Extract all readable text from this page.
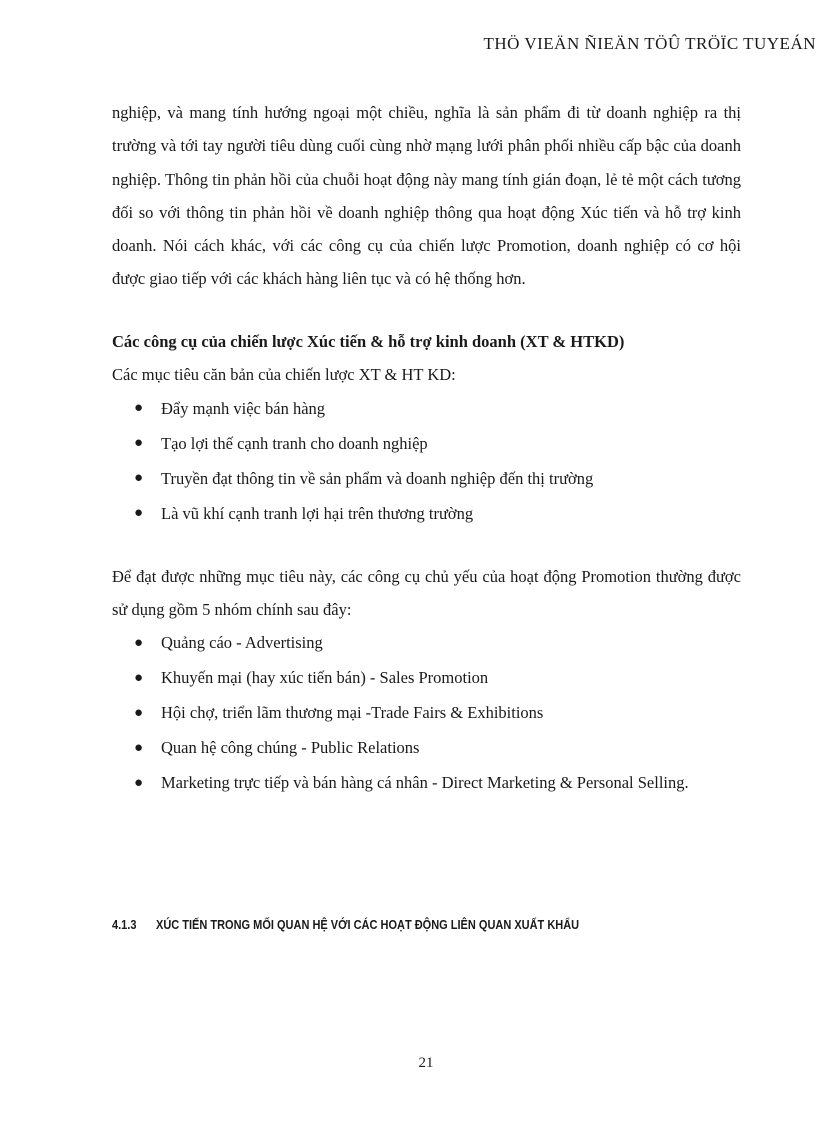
THÖ VIEÄN ÑIEÄN TÖÛ TRÖÏC TUYEÁN

nghiệp, và mang tính hướng ngoại một chiều, nghĩa là sản phẩm đi từ doanh nghiệp ra thị trường và tới tay người tiêu dùng cuối cùng nhờ mạng lưới phân phối nhiều cấp bậc của doanh nghiệp. Thông tin phản hồi của chuỗi hoạt động này mang tính gián đoạn, lẻ tẻ một cách tương đối so với thông tin phản hồi về doanh nghiệp thông qua hoạt động Xúc tiến và hỗ trợ kinh doanh. Nói cách khác, với các công cụ của chiến lược Promotion, doanh nghiệp có cơ hội được giao tiếp với các khách hàng liên tục và có hệ thống hơn.

Các công cụ của chiến lược Xúc tiến & hỗ trợ kinh doanh (XT & HTKD)
Các mục tiêu căn bản của chiến lược XT & HT KD:
● Đẩy mạnh việc bán hàng
● Tạo lợi thế cạnh tranh cho doanh nghiệp
● Truyền đạt thông tin về sản phẩm và doanh nghiệp đến thị trường
● Là vũ khí cạnh tranh lợi hại trên thương trường

Để đạt được những mục tiêu này, các công cụ chủ yếu của hoạt động Promotion thường được sử dụng gồm 5 nhóm chính sau đây:

● Quảng cáo - Advertising
● Khuyến mại (hay xúc tiến bán) - Sales Promotion
● Hội chợ, triển lãm thương mại -Trade Fairs & Exhibitions
● Quan hệ công chúng - Public Relations
● Marketing trực tiếp và bán hàng cá nhân - Direct Marketing & Personal Selling.
4.1.3 XÚC TIẾN TRONG MỐI QUAN HỆ VỚI CÁC HOẠT ĐỘNG LIÊN QUAN XUẤT KHẨU
21
